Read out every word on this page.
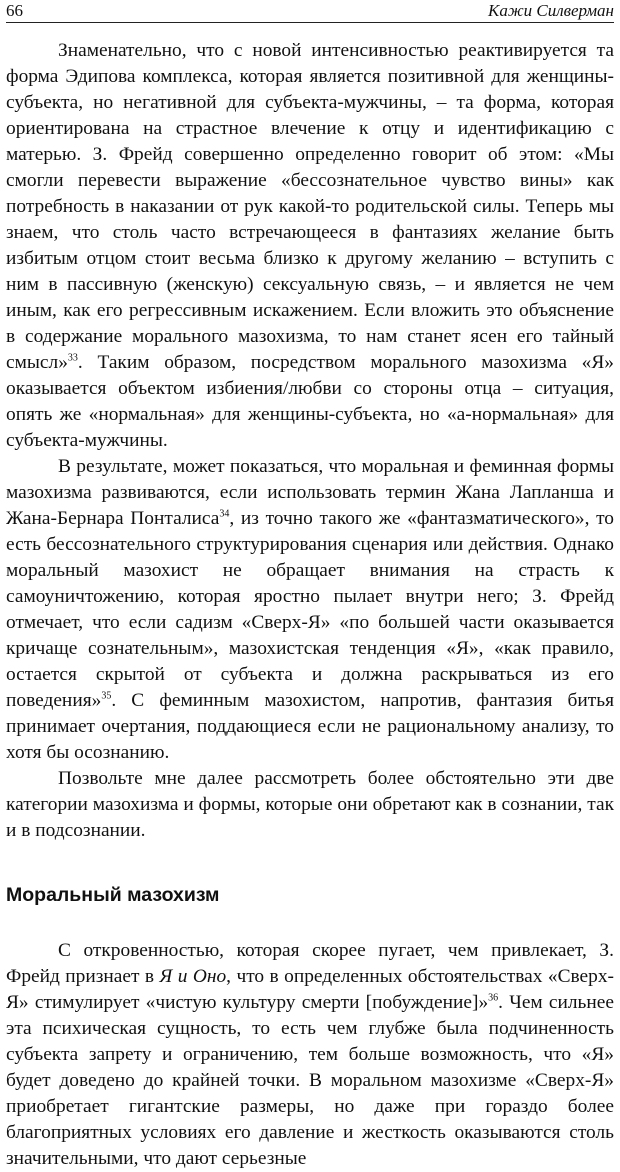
66	Кажи Силверман

Знаменательно, что с новой интенсивностью реактивируется та форма Эдипова комплекса, которая является позитивной для женщины-субъекта, но негативной для субъекта-мужчины, – та форма, которая ориентирована на страстное влечение к отцу и идентификацию с матерью. З. Фрейд совершенно определенно говорит об этом: «Мы смогли перевести выражение «бессознательное чувство вины» как потребность в наказании от рук какой-то родительской силы. Теперь мы знаем, что столь часто встречающееся в фантазиях желание быть избитым отцом стоит весьма близко к другому желанию – вступить с ним в пассивную (женскую) сексуальную связь, – и является не чем иным, как его регрессивным искажением. Если вложить это объяснение в содержание морального мазохизма, то нам станет ясен его тайный смысл»$^{33}$. Таким образом, посредством морального мазохизма «Я» оказывается объектом избиения/любви со стороны отца – ситуация, опять же «нормальная» для женщины-субъекта, но «а-нормальная» для субъекта-мужчины.

В результате, может показаться, что моральная и феминная формы мазохизма развиваются, если использовать термин Жана Лапланша и Жана-Бернара Понталиса$^{34}$, из точно такого же «фантазматического», то есть бессознательного структурирования сценария или действия. Однако моральный мазохист не обращает внимания на страсть к самоуничтожению, которая яростно пылает внутри него; З. Фрейд отмечает, что если садизм «Сверх-Я» «по большей части оказывается кричаще сознательным», мазохистская тенденция «Я», «как правило, остается скрытой от субъекта и должна раскрываться из его поведения»$^{35}$. С феминным мазохистом, напротив, фантазия битья принимает очертания, поддающиеся если не рациональному анализу, то хотя бы осознанию.

Позвольте мне далее рассмотреть более обстоятельно эти две категории мазохизма и формы, которые они обретают как в сознании, так и в подсознании.

Моральный мазохизм

С откровенностью, которая скорее пугает, чем привлекает, З. Фрейд признает в Я и Оно, что в определенных обстоятельствах «Сверх-Я» стимулирует «чистую культуру смерти [побуждение]»$^{36}$. Чем сильнее эта психическая сущность, то есть чем глубже была подчиненность субъекта запрету и ограничению, тем больше возможность, что «Я» будет доведено до крайней точки. В моральном мазохизме «Сверх-Я» приобретает гигантские размеры, но даже при гораздо более благоприятных условиях его давление и жесткость оказываются столь значительными, что дают серьезные
